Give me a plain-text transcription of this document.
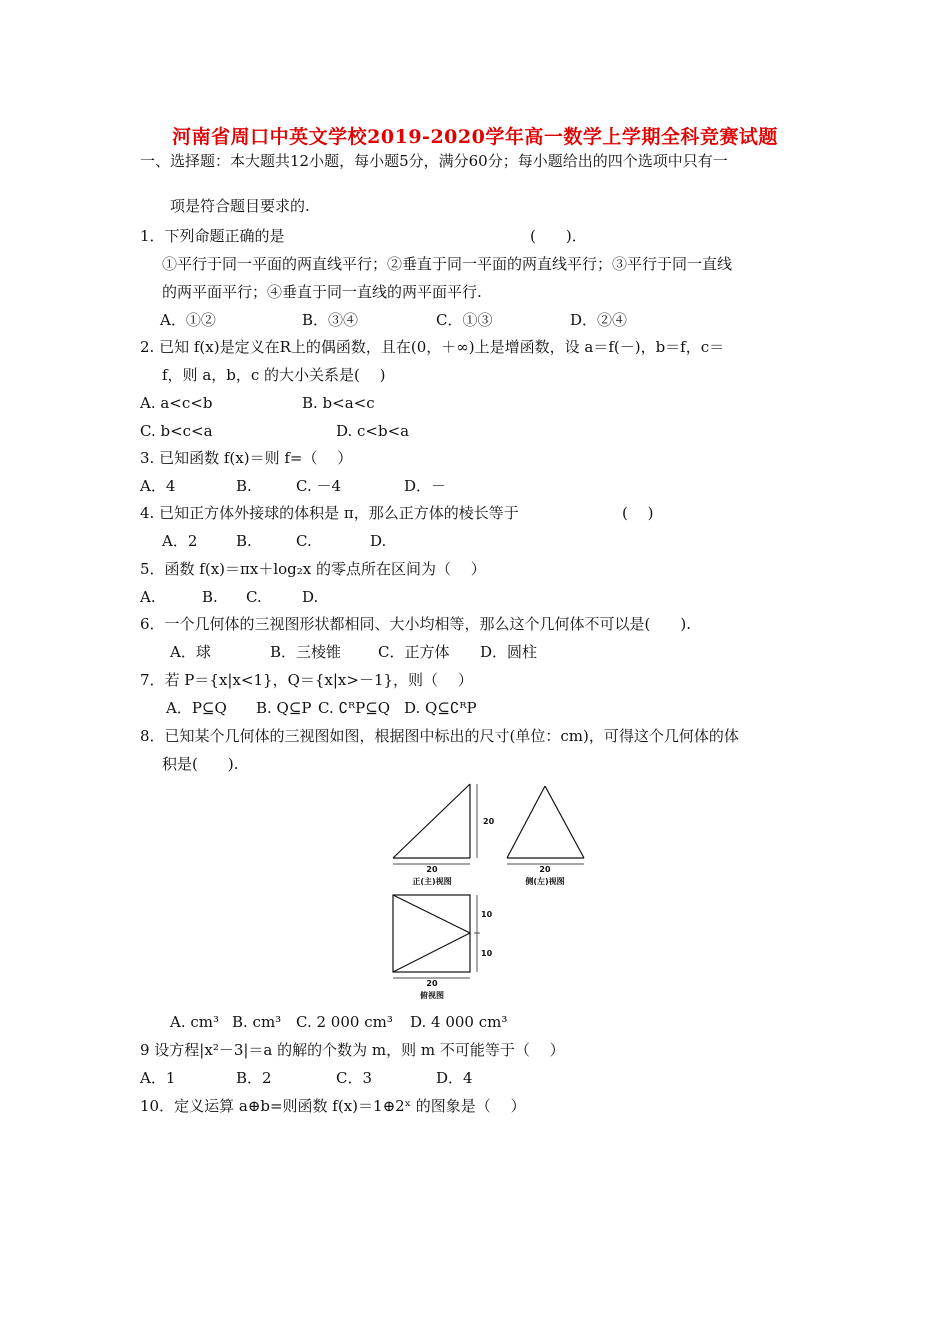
河南省周口中英文学校2019-2020学年高一数学上学期全科竞赛试题
一、选择题：本大题共12小题，每小题5分，满分60分；每小题给出的四个选项中只有一
项是符合题目要求的.
1．下列命题正确的是	(　　)．
①平行于同一平面的两直线平行；②垂直于同一平面的两直线平行；③平行于同一直线
的两平面平行；④垂直于同一直线的两平面平行.
A．①②	B．③④	C．①③	D．②④
2. 已知 f(x)是定义在R上的偶函数，且在(0，＋∞)上是增函数，设 a＝f(－)，b＝f，c＝
f，则 a，b，c 的大小关系是(　 )
A. a<c<b	B. b<a<c
C. b<c<a	D. c<b<a
3. 已知函数 f(x)＝则 f=（　 ）
A．4	B.	C. －4	D．－
4. 已知正方体外接球的体积是 π，那么正方体的棱长等于	(　 )
A．2	B.	C.	D.
5．函数 f(x)＝πx＋log₂x 的零点所在区间为（　 ）
A.	B. C.	D.
6．一个几何体的三视图形状都相同、大小均相等，那么这个几何体不可以是(　　).
A．球	B．三棱锥 C．正方体 D．圆柱
7．若 P＝{x|x<1}，Q＝{x|x>－1}，则（　 ）
A．P⊆Q B. Q⊆P C. ∁ᴿP⊆Q D. Q⊆∁ᴿP
8．已知某个几何体的三视图如图，根据图中标出的尺寸(单位：cm)，可得这个几何体的体
积是(　　).
20
20
正(主)视图
20
侧(左)视图
10
10
20
俯视图
A. cm³ B. cm³ C. 2 000 cm³ D. 4 000 cm³
9 设方程|x²－3|＝a 的解的个数为 m，则 m 不可能等于（　 ）
A．1	B．2	C．3	D．4
10．定义运算 a⊕b=则函数 f(x)＝1⊕2ˣ 的图象是（　 ）
